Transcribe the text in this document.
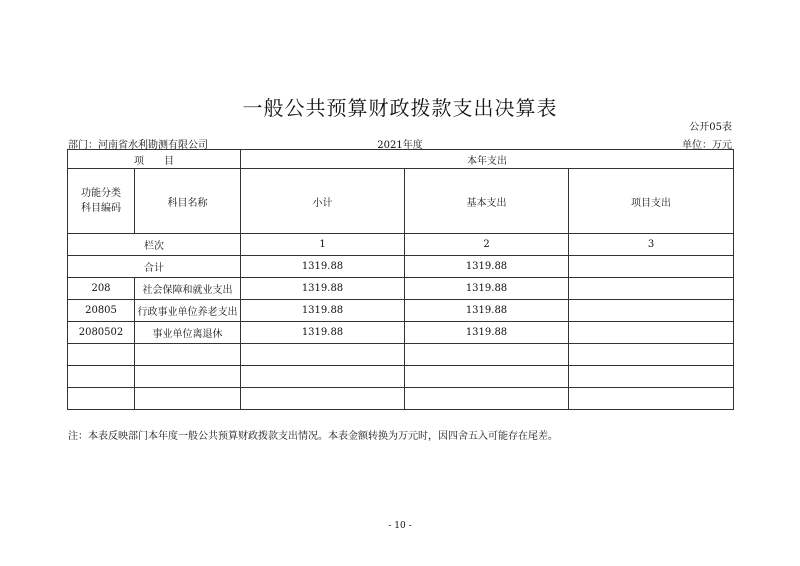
一般公共预算财政拨款支出决算表
公开05表
部门：河南省水利勘测有限公司	2021年度	单位：万元
项　　目		本年支出		

功能分类
科目编码	科目名称	小计	基本支出	项目支出
栏次		1	2	3
合计		1319.88	1319.88	
208	社会保障和就业支出	1319.88	1319.88	
20805	行政事业单位养老支出	1319.88	1319.88	
2080502	事业单位离退休	1319.88	1319.88	

注：本表反映部门本年度一般公共预算财政拨款支出情况。本表金额转换为万元时，因四舍五入可能存在尾差。
- 10 -
